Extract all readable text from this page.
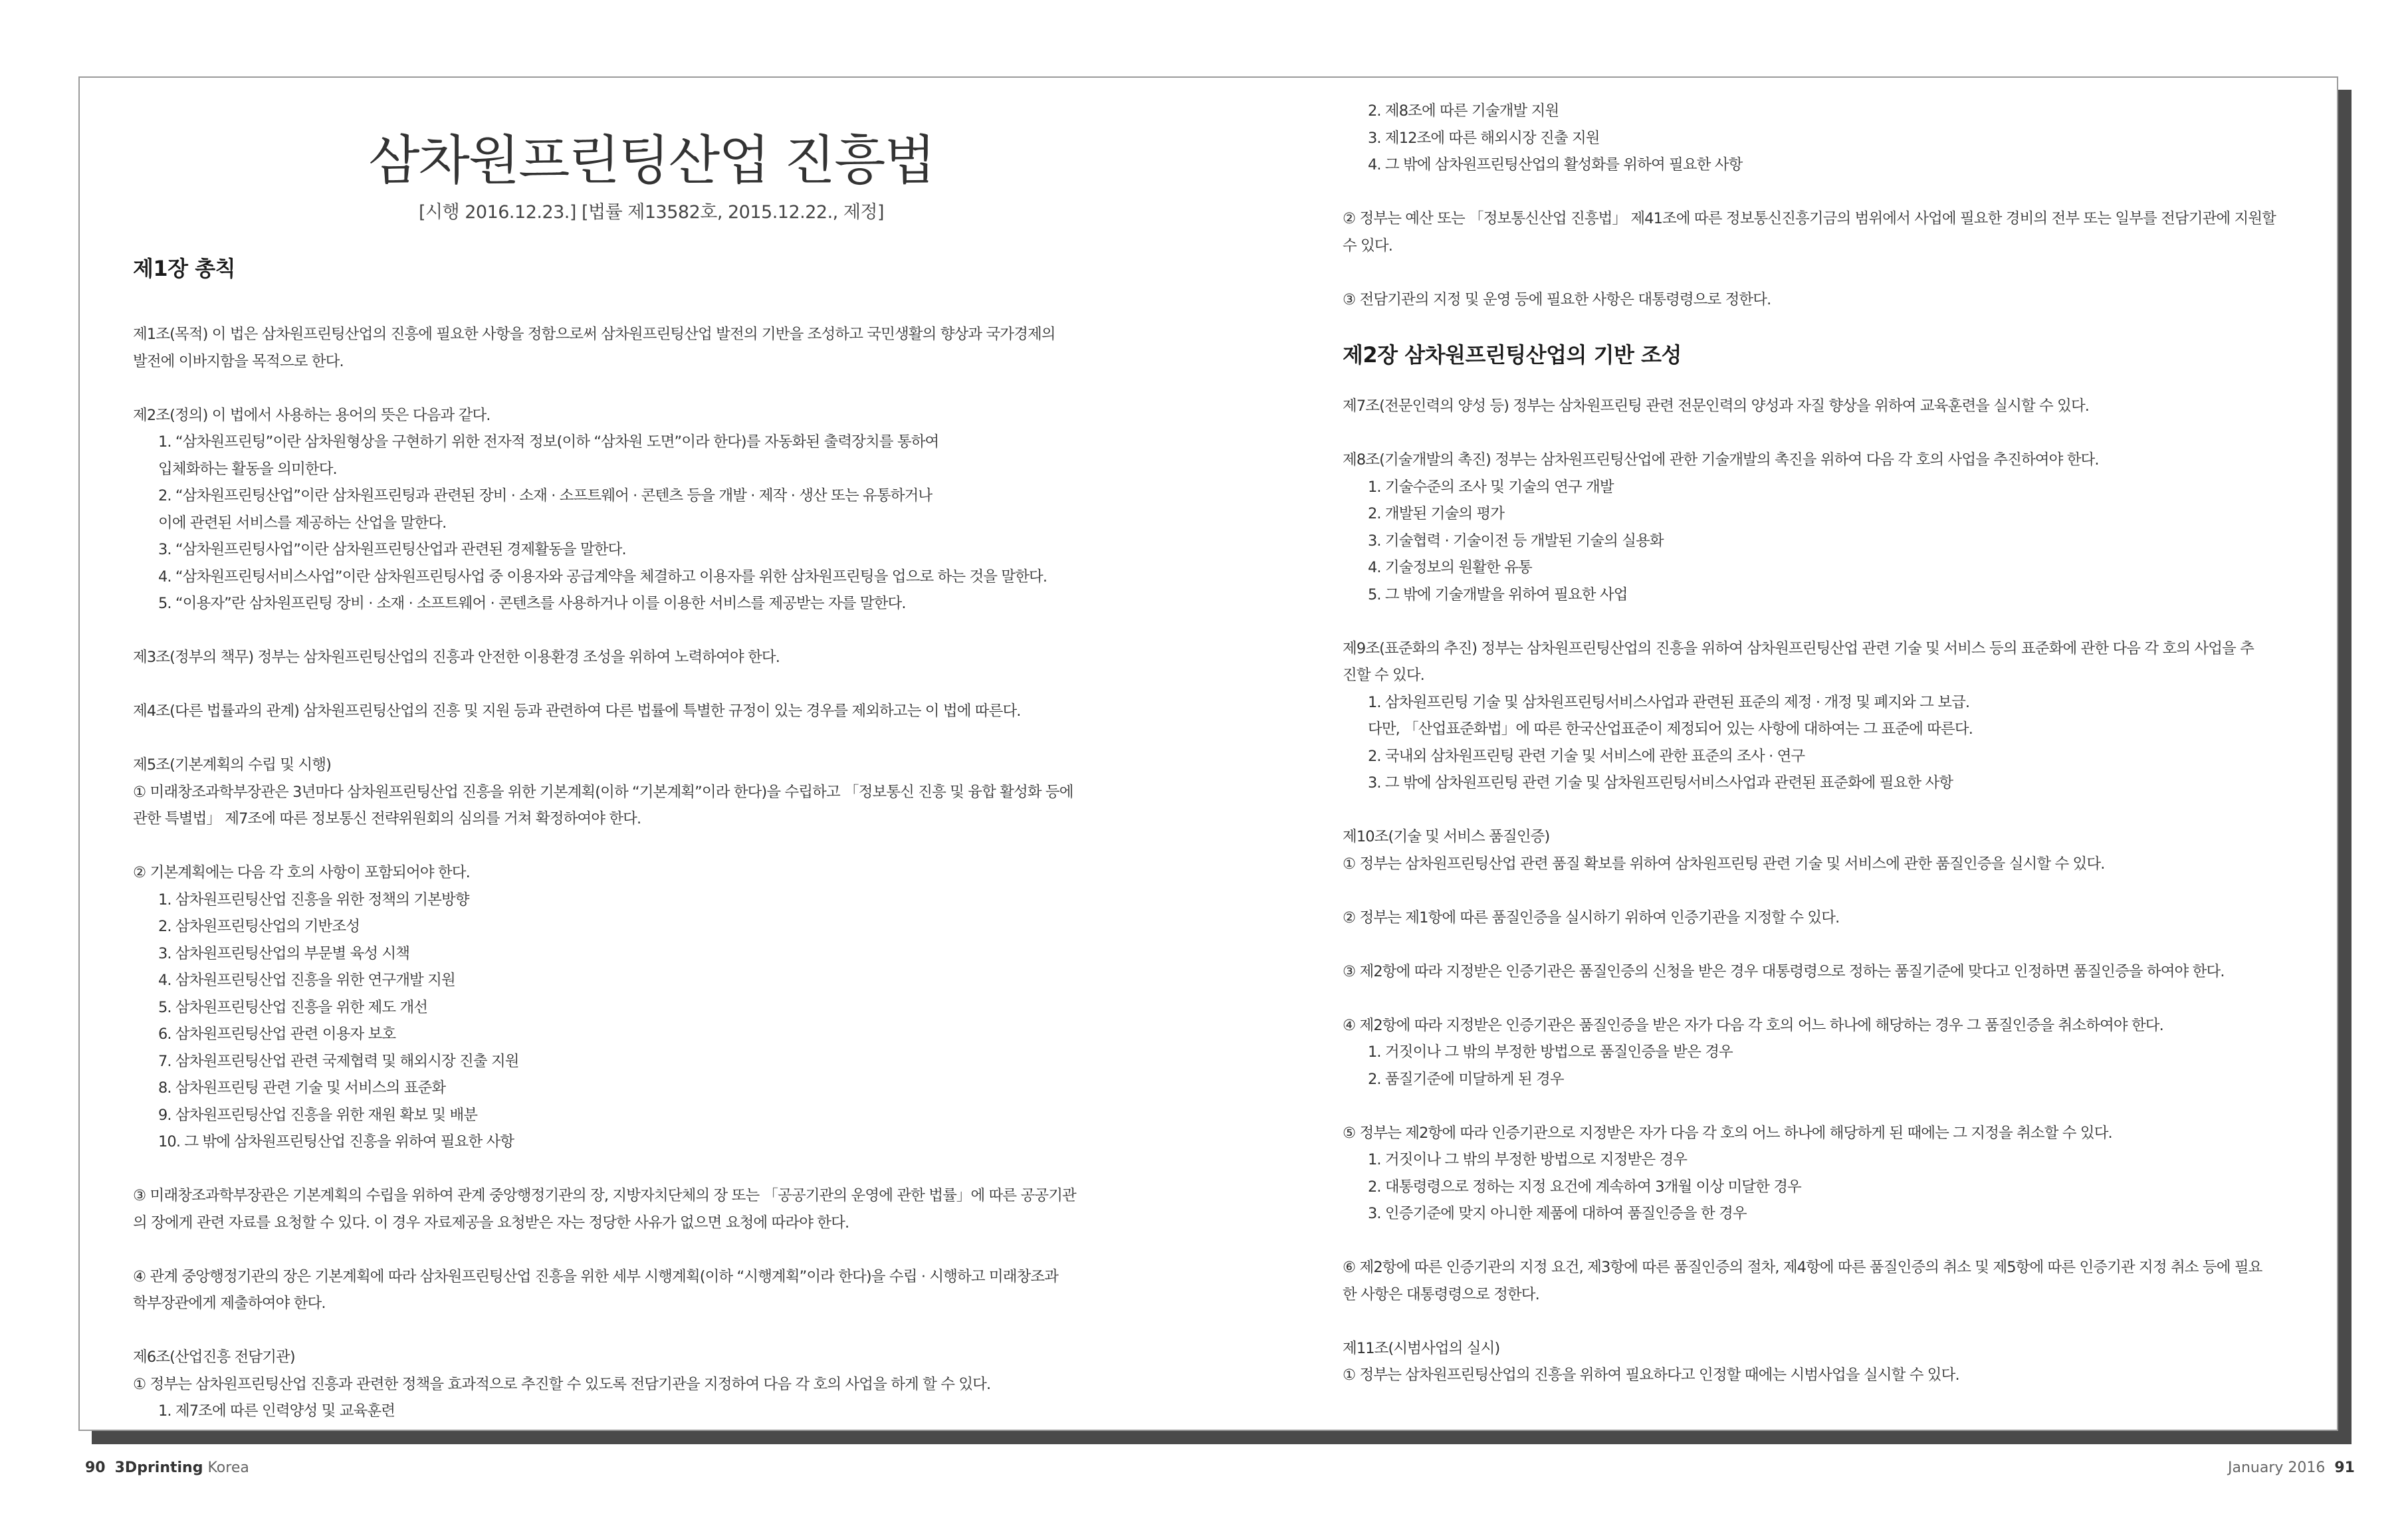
삼차원프린팅산업 진흥법
[시행 2016.12.23.] [법률 제13582호, 2015.12.22., 제정]
제1장 총칙

제1조(목적) 이 법은 삼차원프린팅산업의 진흥에 필요한 사항을 정함으로써 삼차원프린팅산업 발전의 기반을 조성하고 국민생활의 향상과 국가경제의

발전에 이바지함을 목적으로 한다.

제2조(정의) 이 법에서 사용하는 용어의 뜻은 다음과 같다.

1. “삼차원프린팅”이란 삼차원형상을 구현하기 위한 전자적 정보(이하 “삼차원 도면”이라 한다)를 자동화된 출력장치를 통하여

입체화하는 활동을 의미한다.

2. “삼차원프린팅산업”이란 삼차원프린팅과 관련된 장비 · 소재 · 소프트웨어 · 콘텐츠 등을 개발 · 제작 · 생산 또는 유통하거나

이에 관련된 서비스를 제공하는 산업을 말한다.

3. “삼차원프린팅사업”이란 삼차원프린팅산업과 관련된 경제활동을 말한다.

4. “삼차원프린팅서비스사업”이란 삼차원프린팅사업 중 이용자와 공급계약을 체결하고 이용자를 위한 삼차원프린팅을 업으로 하는 것을 말한다.

5. “이용자”란 삼차원프린팅 장비 · 소재 · 소프트웨어 · 콘텐츠를 사용하거나 이를 이용한 서비스를 제공받는 자를 말한다.

제3조(정부의 책무) 정부는 삼차원프린팅산업의 진흥과 안전한 이용환경 조성을 위하여 노력하여야 한다.

제4조(다른 법률과의 관계) 삼차원프린팅산업의 진흥 및 지원 등과 관련하여 다른 법률에 특별한 규정이 있는 경우를 제외하고는 이 법에 따른다.

제5조(기본계획의 수립 및 시행)

① 미래창조과학부장관은 3년마다 삼차원프린팅산업 진흥을 위한 기본계획(이하 “기본계획”이라 한다)을 수립하고 「정보통신 진흥 및 융합 활성화 등에

관한 특별법」 제7조에 따른 정보통신 전략위원회의 심의를 거쳐 확정하여야 한다.

② 기본계획에는 다음 각 호의 사항이 포함되어야 한다.

1. 삼차원프린팅산업 진흥을 위한 정책의 기본방향

2. 삼차원프린팅산업의 기반조성

3. 삼차원프린팅산업의 부문별 육성 시책

4. 삼차원프린팅산업 진흥을 위한 연구개발 지원

5. 삼차원프린팅산업 진흥을 위한 제도 개선

6. 삼차원프린팅산업 관련 이용자 보호

7. 삼차원프린팅산업 관련 국제협력 및 해외시장 진출 지원

8. 삼차원프린팅 관련 기술 및 서비스의 표준화

9. 삼차원프린팅산업 진흥을 위한 재원 확보 및 배분

10. 그 밖에 삼차원프린팅산업 진흥을 위하여 필요한 사항

③ 미래창조과학부장관은 기본계획의 수립을 위하여 관계 중앙행정기관의 장, 지방자치단체의 장 또는 「공공기관의 운영에 관한 법률」에 따른 공공기관

의 장에게 관련 자료를 요청할 수 있다. 이 경우 자료제공을 요청받은 자는 정당한 사유가 없으면 요청에 따라야 한다.

④ 관계 중앙행정기관의 장은 기본계획에 따라 삼차원프린팅산업 진흥을 위한 세부 시행계획(이하 “시행계획”이라 한다)을 수립 · 시행하고 미래창조과

학부장관에게 제출하여야 한다.

제6조(산업진흥 전담기관)

① 정부는 삼차원프린팅산업 진흥과 관련한 정책을 효과적으로 추진할 수 있도록 전담기관을 지정하여 다음 각 호의 사업을 하게 할 수 있다.

1. 제7조에 따른 인력양성 및 교육훈련

2. 제8조에 따른 기술개발 지원

3. 제12조에 따른 해외시장 진출 지원

4. 그 밖에 삼차원프린팅산업의 활성화를 위하여 필요한 사항

② 정부는 예산 또는 「정보통신산업 진흥법」 제41조에 따른 정보통신진흥기금의 범위에서 사업에 필요한 경비의 전부 또는 일부를 전담기관에 지원할

수 있다.

③ 전담기관의 지정 및 운영 등에 필요한 사항은 대통령령으로 정한다.

제2장 삼차원프린팅산업의 기반 조성

제7조(전문인력의 양성 등) 정부는 삼차원프린팅 관련 전문인력의 양성과 자질 향상을 위하여 교육훈련을 실시할 수 있다.

제8조(기술개발의 촉진) 정부는 삼차원프린팅산업에 관한 기술개발의 촉진을 위하여 다음 각 호의 사업을 추진하여야 한다.

1. 기술수준의 조사 및 기술의 연구 개발

2. 개발된 기술의 평가

3. 기술협력 · 기술이전 등 개발된 기술의 실용화

4. 기술정보의 원활한 유통

5. 그 밖에 기술개발을 위하여 필요한 사업

제9조(표준화의 추진) 정부는 삼차원프린팅산업의 진흥을 위하여 삼차원프린팅산업 관련 기술 및 서비스 등의 표준화에 관한 다음 각 호의 사업을 추

진할 수 있다.

1. 삼차원프린팅 기술 및 삼차원프린팅서비스사업과 관련된 표준의 제정 · 개정 및 폐지와 그 보급.

다만, 「산업표준화법」에 따른 한국산업표준이 제정되어 있는 사항에 대하여는 그 표준에 따른다.

2. 국내외 삼차원프린팅 관련 기술 및 서비스에 관한 표준의 조사 · 연구

3. 그 밖에 삼차원프린팅 관련 기술 및 삼차원프린팅서비스사업과 관련된 표준화에 필요한 사항

제10조(기술 및 서비스 품질인증)

① 정부는 삼차원프린팅산업 관련 품질 확보를 위하여 삼차원프린팅 관련 기술 및 서비스에 관한 품질인증을 실시할 수 있다.

② 정부는 제1항에 따른 품질인증을 실시하기 위하여 인증기관을 지정할 수 있다.

③ 제2항에 따라 지정받은 인증기관은 품질인증의 신청을 받은 경우 대통령령으로 정하는 품질기준에 맞다고 인정하면 품질인증을 하여야 한다.

④ 제2항에 따라 지정받은 인증기관은 품질인증을 받은 자가 다음 각 호의 어느 하나에 해당하는 경우 그 품질인증을 취소하여야 한다.

1. 거짓이나 그 밖의 부정한 방법으로 품질인증을 받은 경우

2. 품질기준에 미달하게 된 경우

⑤ 정부는 제2항에 따라 인증기관으로 지정받은 자가 다음 각 호의 어느 하나에 해당하게 된 때에는 그 지정을 취소할 수 있다.

1. 거짓이나 그 밖의 부정한 방법으로 지정받은 경우

2. 대통령령으로 정하는 지정 요건에 계속하여 3개월 이상 미달한 경우

3. 인증기준에 맞지 아니한 제품에 대하여 품질인증을 한 경우

⑥ 제2항에 따른 인증기관의 지정 요건, 제3항에 따른 품질인증의 절차, 제4항에 따른 품질인증의 취소 및 제5항에 따른 인증기관 지정 취소 등에 필요

한 사항은 대통령령으로 정한다.

제11조(시범사업의 실시)

① 정부는 삼차원프린팅산업의 진흥을 위하여 필요하다고 인정할 때에는 시범사업을 실시할 수 있다.

90 3Dprinting Korea	January 2016 91
